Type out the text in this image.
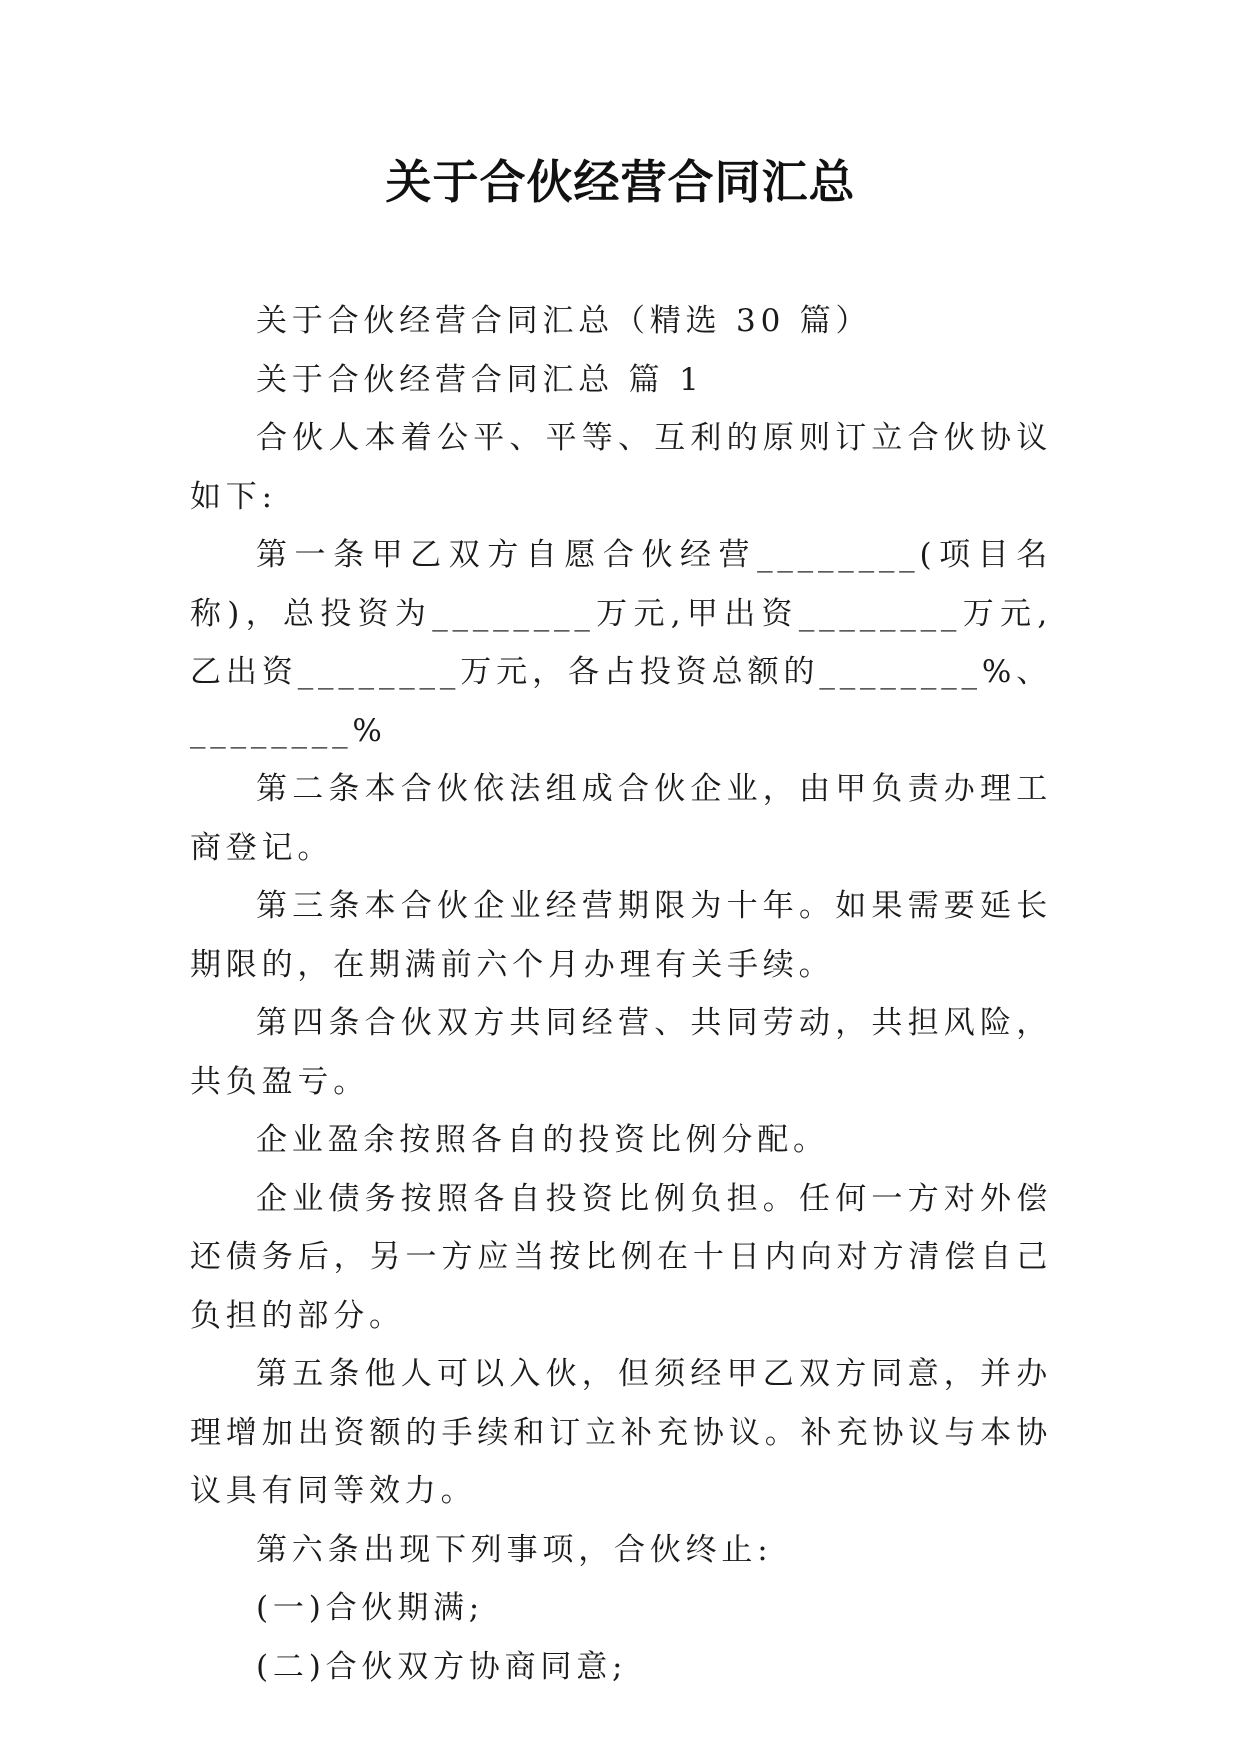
关于合伙经营合同汇总

关于合伙经营合同汇总（精选 30 篇）

关于合伙经营合同汇总 篇 1

合伙人本着公平、平等、互利的原则订立合伙协议如下:

第一条甲乙双方自愿合伙经营________(项目名称)，总投资为________万元,甲出资________万元,乙出资________万元，各占投资总额的________%、________%

第二条本合伙依法组成合伙企业，由甲负责办理工商登记。

第三条本合伙企业经营期限为十年。如果需要延长期限的，在期满前六个月办理有关手续。

第四条合伙双方共同经营、共同劳动，共担风险，共负盈亏。

企业盈余按照各自的投资比例分配。

企业债务按照各自投资比例负担。任何一方对外偿还债务后，另一方应当按比例在十日内向对方清偿自己负担的部分。

第五条他人可以入伙，但须经甲乙双方同意，并办理增加出资额的手续和订立补充协议。补充协议与本协议具有同等效力。

第六条出现下列事项，合伙终止:

(一)合伙期满;

(二)合伙双方协商同意;
